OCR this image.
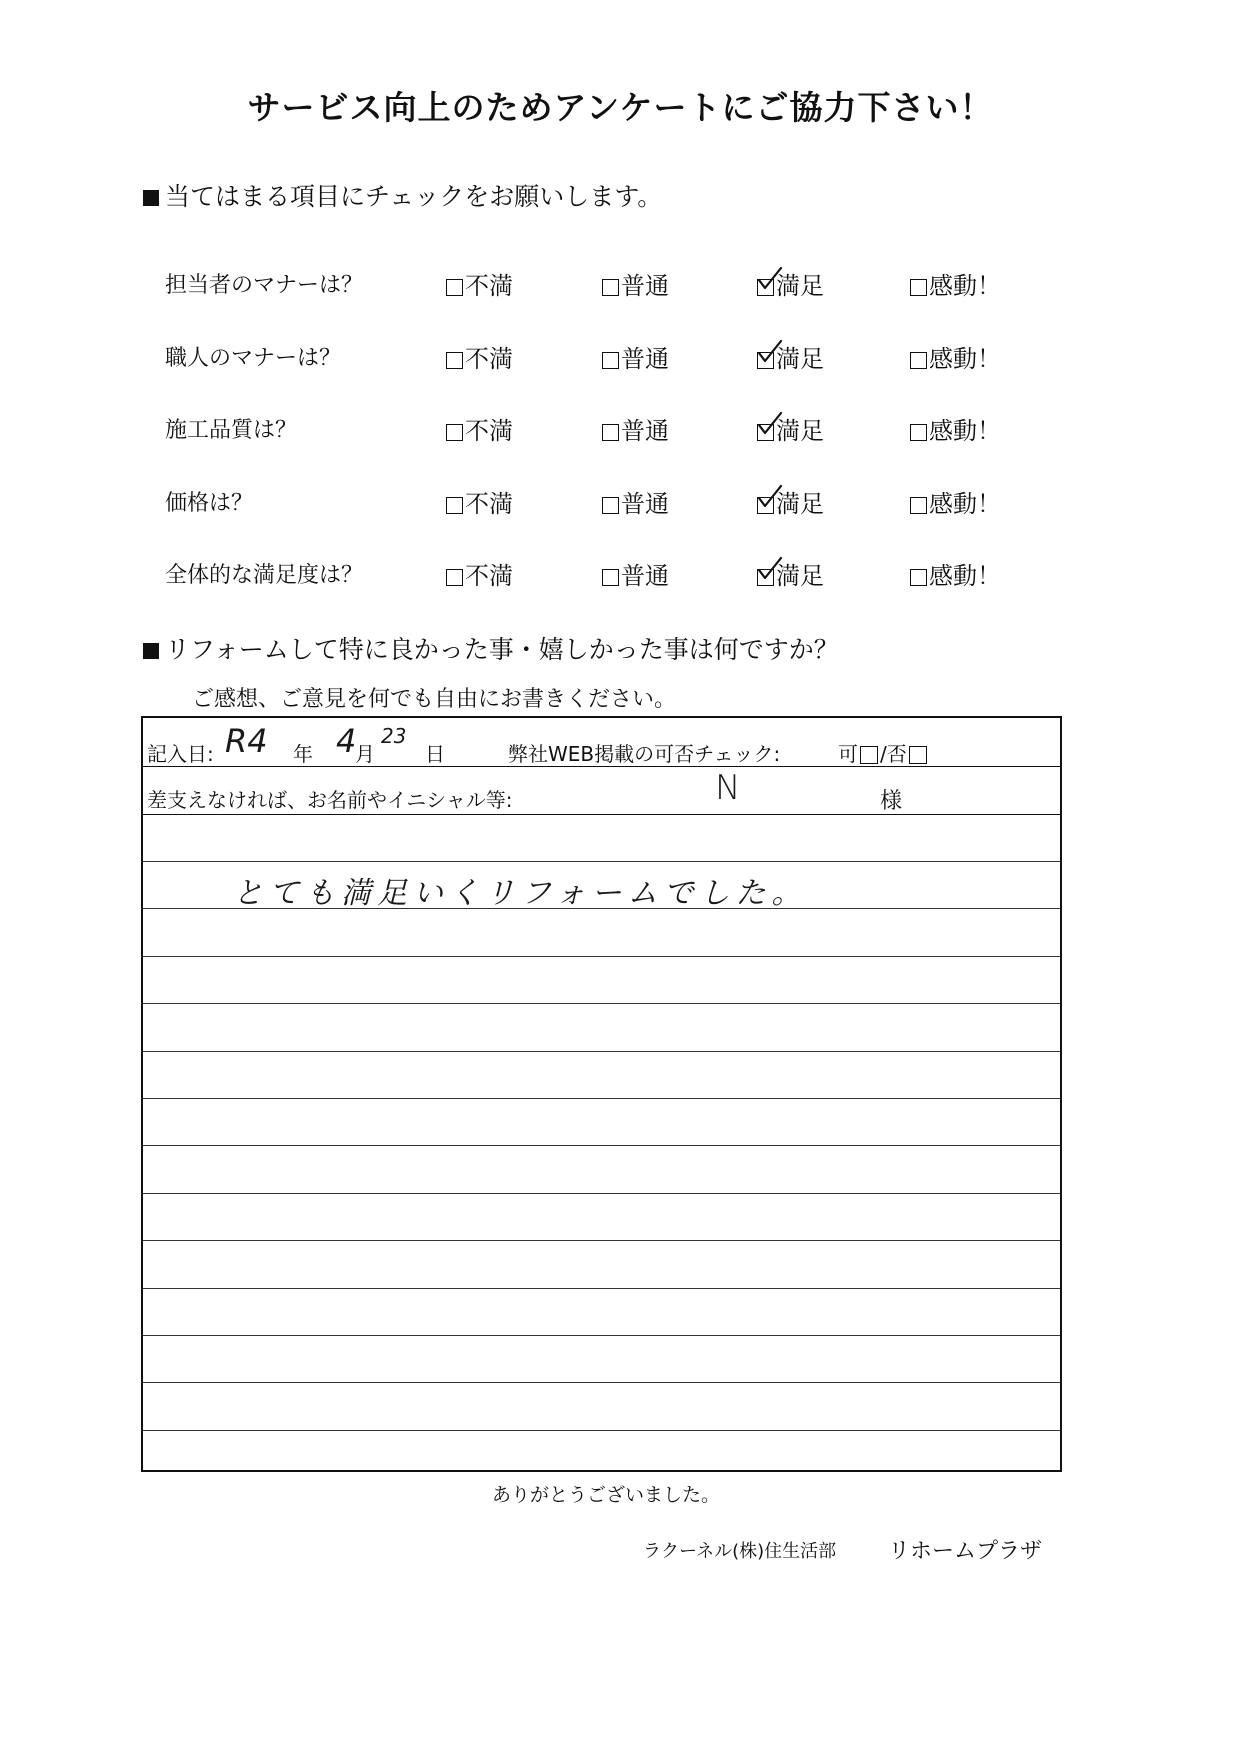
サービス向上のためアンケートにご協力下さい！
当てはまる項目にチェックをお願いします。
担当者のマナーは？	不満	普通	満足	感動！
職人のマナーは？	不満	普通	満足	感動！
施工品質は？	不満	普通	満足	感動！
価格は？	不満	普通	満足	感動！
全体的な満足度は？	不満	普通	満足	感動！
リフォームして特に良かった事・嬉しかった事は何ですか？
ご感想、ご意見を何でも自由にお書きください。
記入日: R4 年 4
月
23
日	弊社WEB掲載の可否チェック:	可 /否
差支えなければ、お名前やイニシャル等:	N	様
とても満足いくリフォームでした。
ありがとうございました。
ラクーネル(株)住生活部 リホームプラザ
